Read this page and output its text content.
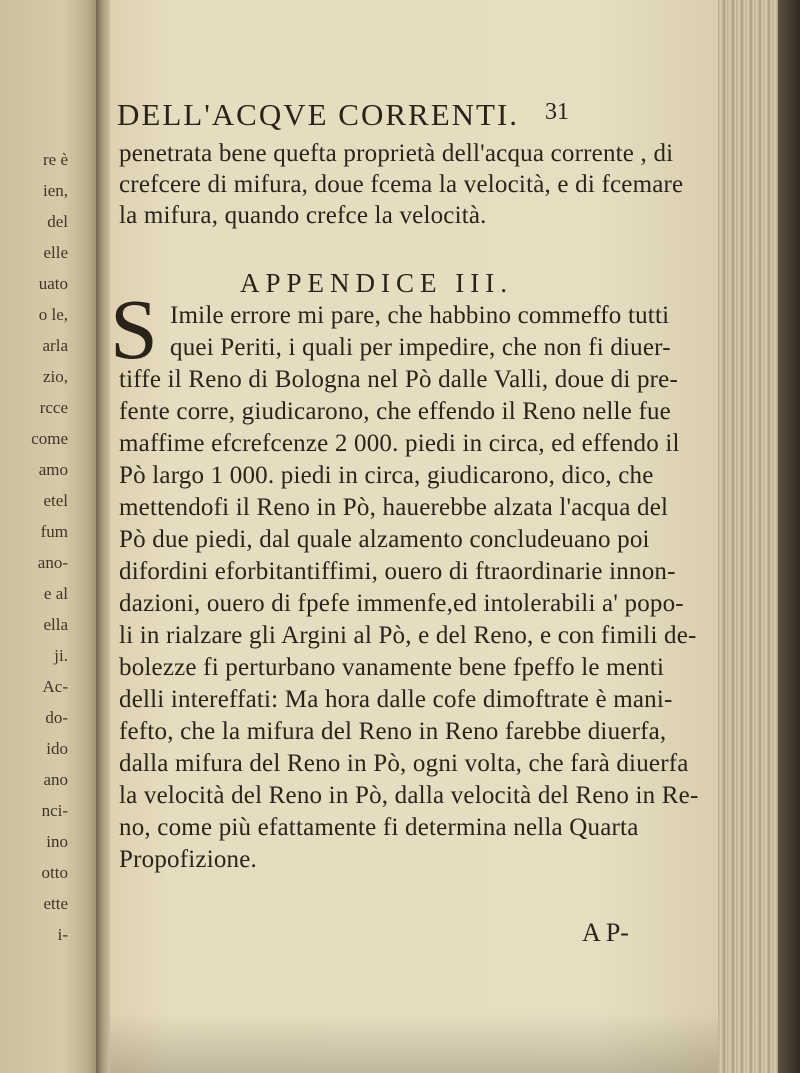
re è
ien,
del
elle
uato
o le,
arla
zio,
rcce
come
amo
etel
fum
ano-
e al
ella
ji.
Ac-
do-
ido
ano
nci-
ino
otto
ette
i-
DELL'ACQVE CORRENTI. 31
penetrata bene quefta proprietà dell'acqua corrente , di
crefcere di mifura, doue fcema la velocità, e di fcemare
la mifura, quando crefce la velocità.
APPENDICE III.
S Imile errore mi pare, che habbino commeffo tutti
quei Periti, i quali per impedire, che non fi diuer-
tiffe il Reno di Bologna nel Pò dalle Valli, doue di pre-
fente corre, giudicarono, che effendo il Reno nelle fue
maffime efcrefcenze 2 000. piedi in circa, ed effendo il
Pò largo 1 000. piedi in circa, giudicarono, dico, che
mettendofi il Reno in Pò, hauerebbe alzata l'acqua del
Pò due piedi, dal quale alzamento concludeuano poi
difordini eforbitantiffimi, ouero di ftraordinarie innon-
dazioni, ouero di fpefe immenfe,ed intolerabili a' popo-
li in rialzare gli Argini al Pò, e del Reno, e con fimili de-
bolezze fi perturbano vanamente bene fpeffo le menti
delli intereffati: Ma hora dalle cofe dimoftrate è mani-
fefto, che la mifura del Reno in Reno farebbe diuerfa,
dalla mifura del Reno in Pò, ogni volta, che farà diuerfa
la velocità del Reno in Pò, dalla velocità del Reno in Re-
no, come più efattamente fi determina nella Quarta
Propofizione.
A P-
